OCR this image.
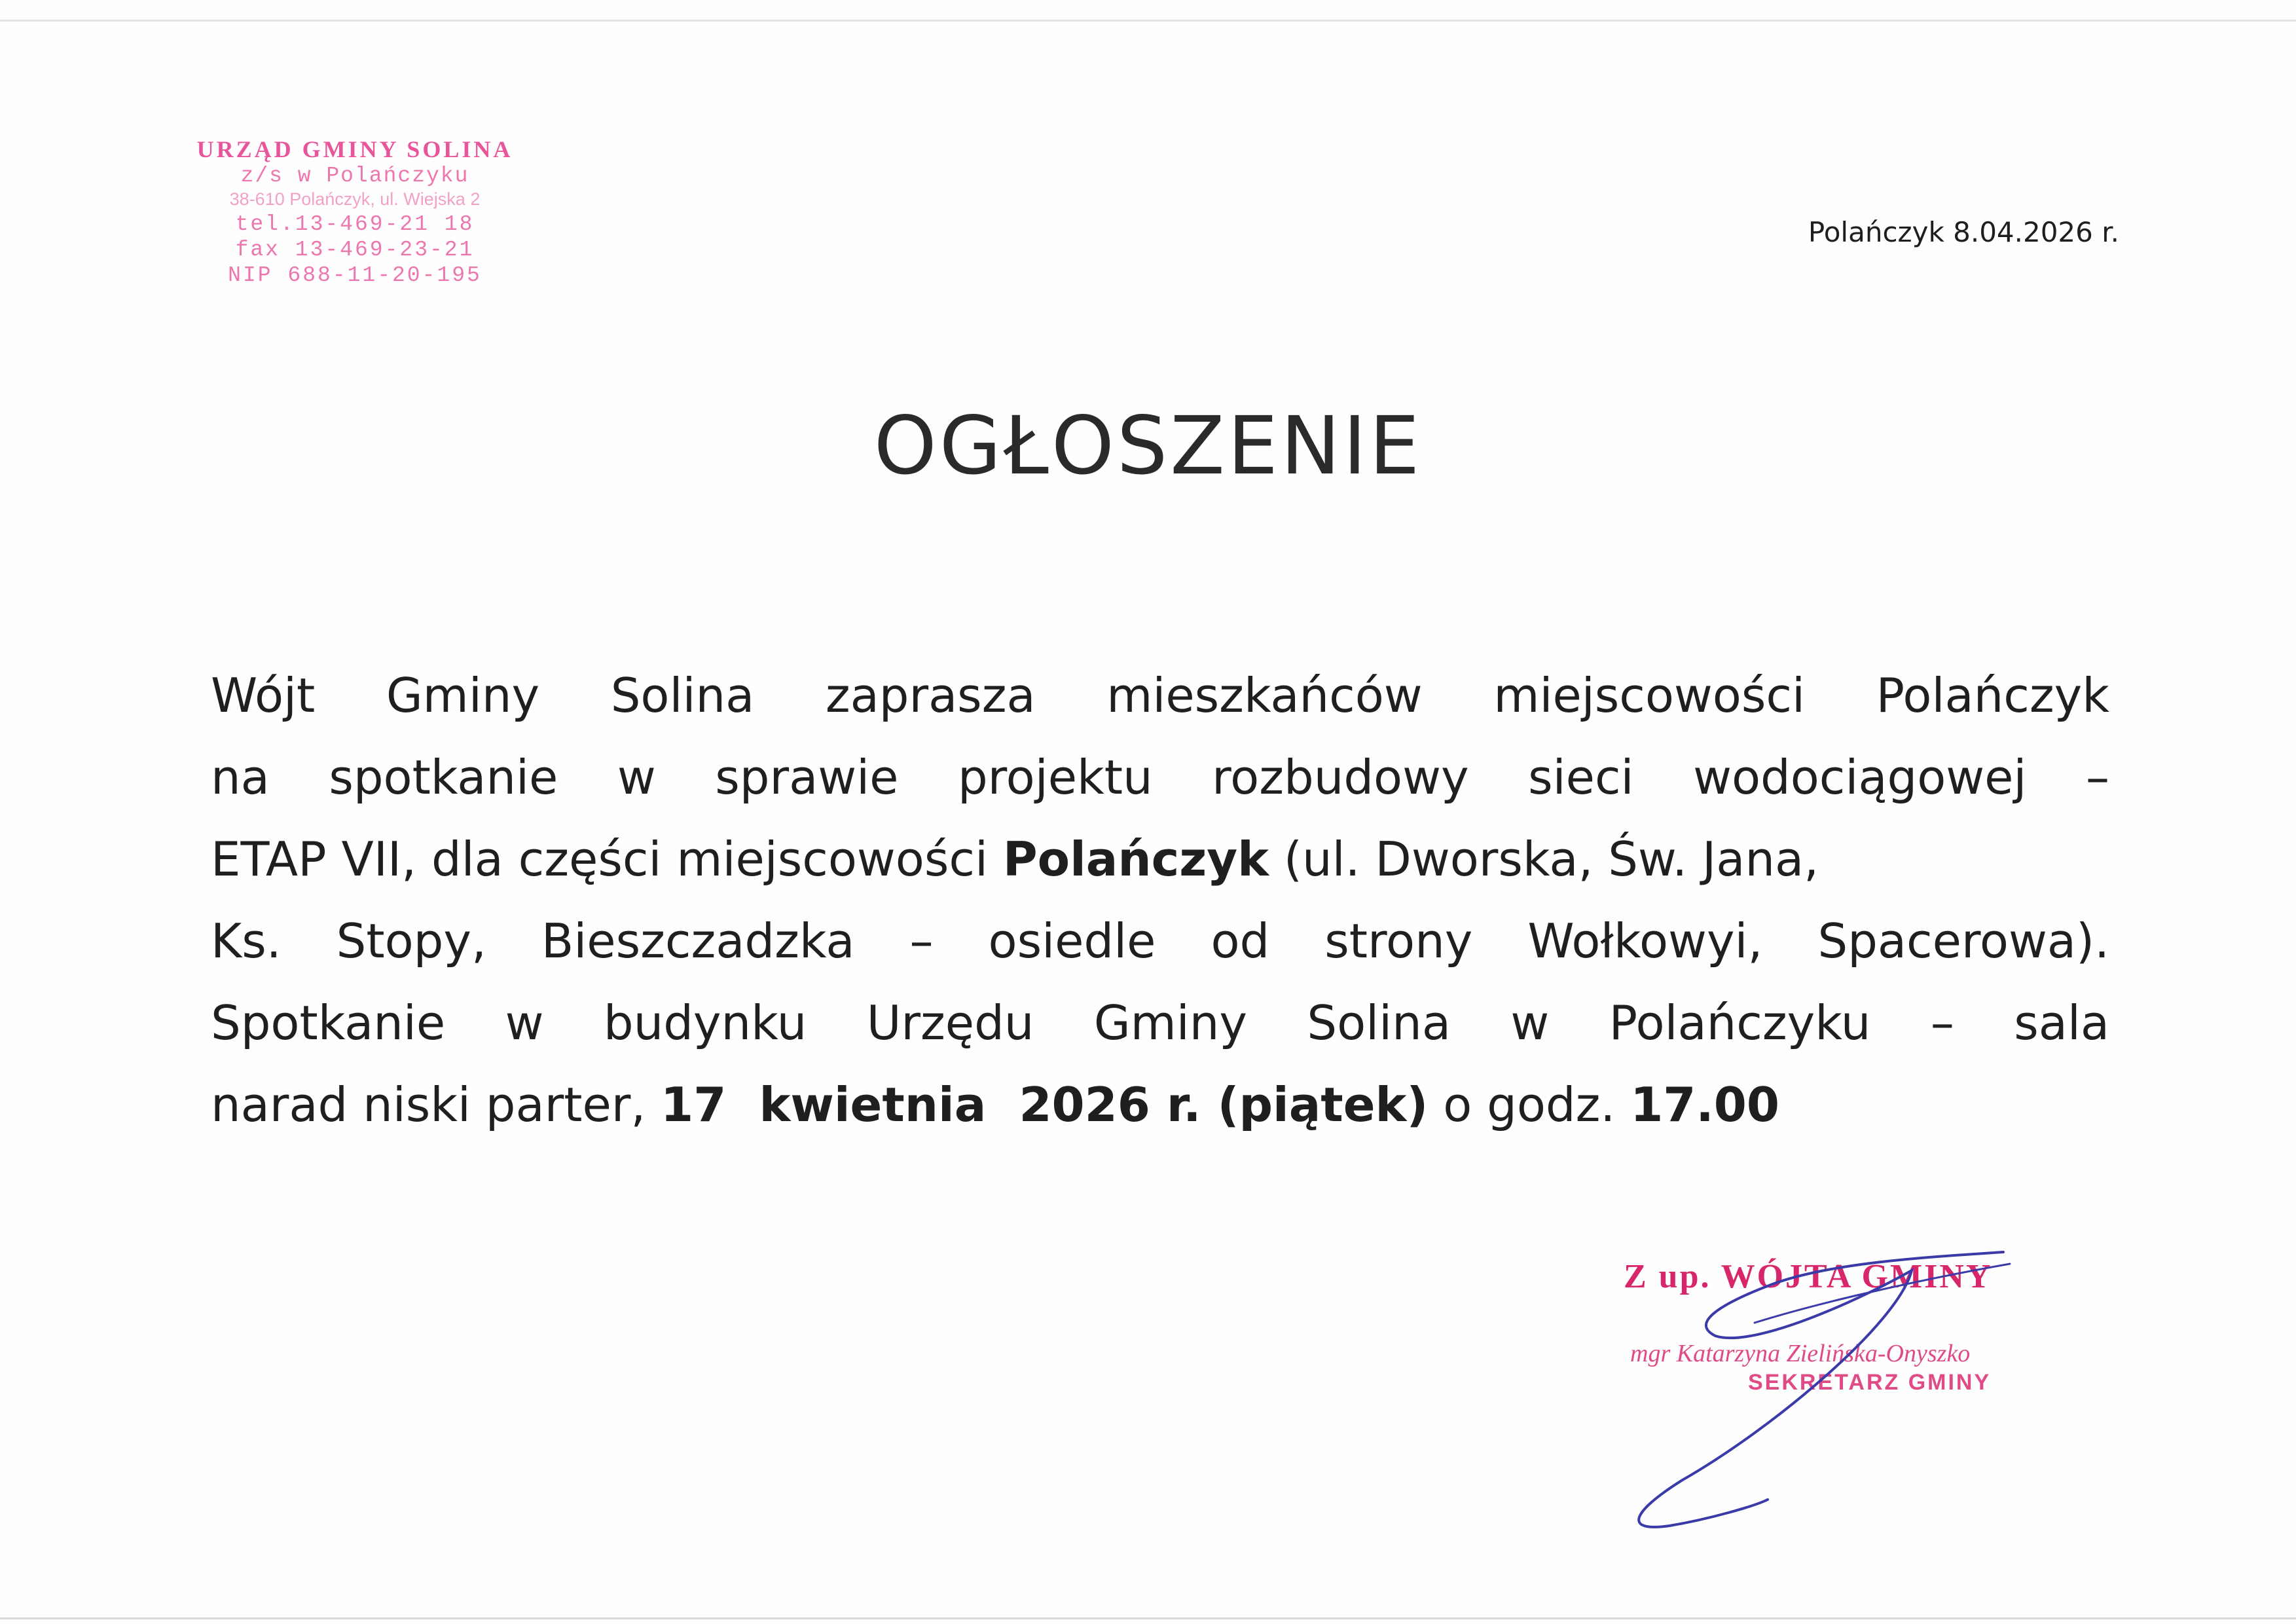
URZĄD GMINY SOLINA
z/s w Polańczyku
38-610 Polańczyk, ul. Wiejska 2
tel.13-469-21 18
fax 13-469-23-21
NIP 688-11-20-195
Polańczyk 8.04.2026 r.
OGŁOSZENIE
Wójt Gminy Solina zaprasza mieszkańców miejscowości Polańczyk
na spotkanie w sprawie projektu rozbudowy sieci wodociągowej –
ETAP VII, dla części miejscowości Polańczyk (ul. Dworska, Św. Jana,
Ks. Stopy, Bieszczadzka – osiedle od strony Wołkowyi, Spacerowa).
Spotkanie w budynku Urzędu Gminy Solina w Polańczyku – sala
narad niski parter, 17  kwietnia  2026 r. (piątek) o godz. 17.00
Z up. WÓJTA GMINY
mgr Katarzyna Zielińska-Onyszko
SEKRETARZ GMINY
